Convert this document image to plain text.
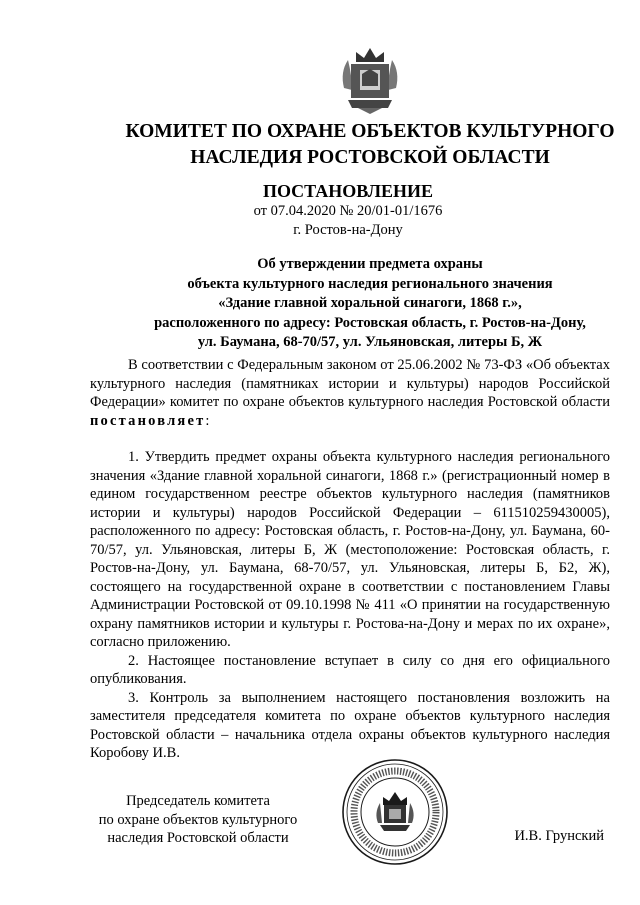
КОМИТЕТ ПО ОХРАНЕ ОБЪЕКТОВ КУЛЬТУРНОГО
НАСЛЕДИЯ РОСТОВСКОЙ ОБЛАСТИ
ПОСТАНОВЛЕНИЕ
от 07.04.2020 № 20/01-01/1676
г. Ростов-на-Дону
Об утверждении предмета охраны
объекта культурного наследия регионального значения
«Здание главной хоральной синагоги, 1868 г.»,
расположенного по адресу: Ростовская область, г. Ростов-на-Дону,
ул. Баумана, 68-70/57, ул. Ульяновская, литеры Б, Ж

В соответствии с Федеральным законом от 25.06.2002 № 73-ФЗ «Об объектах культурного наследия (памятниках истории и культуры) народов Российской Федерации» комитет по охране объектов культурного наследия Ростовской области постановляет:

1. Утвердить предмет охраны объекта культурного наследия регионального значения «Здание главной хоральной синагоги, 1868 г.» (регистрационный номер в едином государственном реестре объектов культурного наследия (памятников истории и культуры) народов Российской Федерации – 611510259430005), расположенного по адресу: Ростовская область, г. Ростов-на-Дону, ул. Баумана, 60-70/57, ул. Ульяновская, литеры Б, Ж (местоположение: Ростовская область, г. Ростов-на-Дону, ул. Баумана, 68-70/57, ул. Ульяновская, литеры Б, Б2, Ж), состоящего на государственной охране в соответствии с постановлением Главы Администрации Ростовской от 09.10.1998 № 411 «О принятии на государственную охрану памятников истории и культуры г. Ростова-на-Дону и мерах по их охране», согласно приложению.

2. Настоящее постановление вступает в силу со дня его официального опубликования.

3. Контроль за выполнением настоящего постановления возложить на заместителя председателя комитета по охране объектов культурного наследия Ростовской области – начальника отдела охраны объектов культурного наследия Коробову И.В.

Председатель комитета
по охране объектов культурного
наследия Ростовской области	И.В. Грунский
